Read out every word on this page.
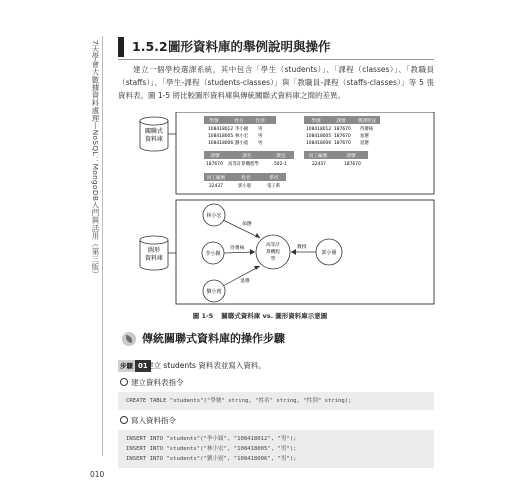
7天學會大數據資料處理—NoSQL：MongoDB入門與活用（第三版）
010
1.5.2 圖形資料庫的舉例說明與操作
建立一個學校選課系統，其中包含「學生（students）」、「課程（classes）」、「教職員（staffs）」、「學生-課程（students-classes）」與「教職員-課程（staffs-classes）」等 5 張資料表。圖 1-5 將比較圖形資料庫與傳統關聯式資料庫之間的差異。
關聯式
資料庫
學號	姓名	性別
108418012 李小穎 男
108418005 林小宏 男
108418006 劉小賓 男
學號	課號	選課狀況
108418012 187670 待審核
108418005 187670 加選
108418006 187670 退選
課號	課名	教室
187670 高等計算機程學	502-1
員工編號	課號
22437	187670
員工編號	姓名	系所
22437	郭小愚	電子系
圖形
資料庫
林小宏
李小穎
劉小賓
高等計
算機程
學
郭小愚
加選
待審核
退選
教授
圖 1-5 關聯式資料庫 vs. 圖形資料庫示意圖
傳統關聯式資料庫的操作步驟
步驟 01
建立 students 資料表並寫入資料。
建立資料表指令
CREATE TABLE "students"("學號" string, "姓名" string, "性別" string);
寫入資料指令
INSERT INTO "students"("李小穎", "108418012", "男");
INSERT INTO "students"("林小宏", "108418005", "男");
INSERT INTO "students"("劉小賓", "108418006", "男");
